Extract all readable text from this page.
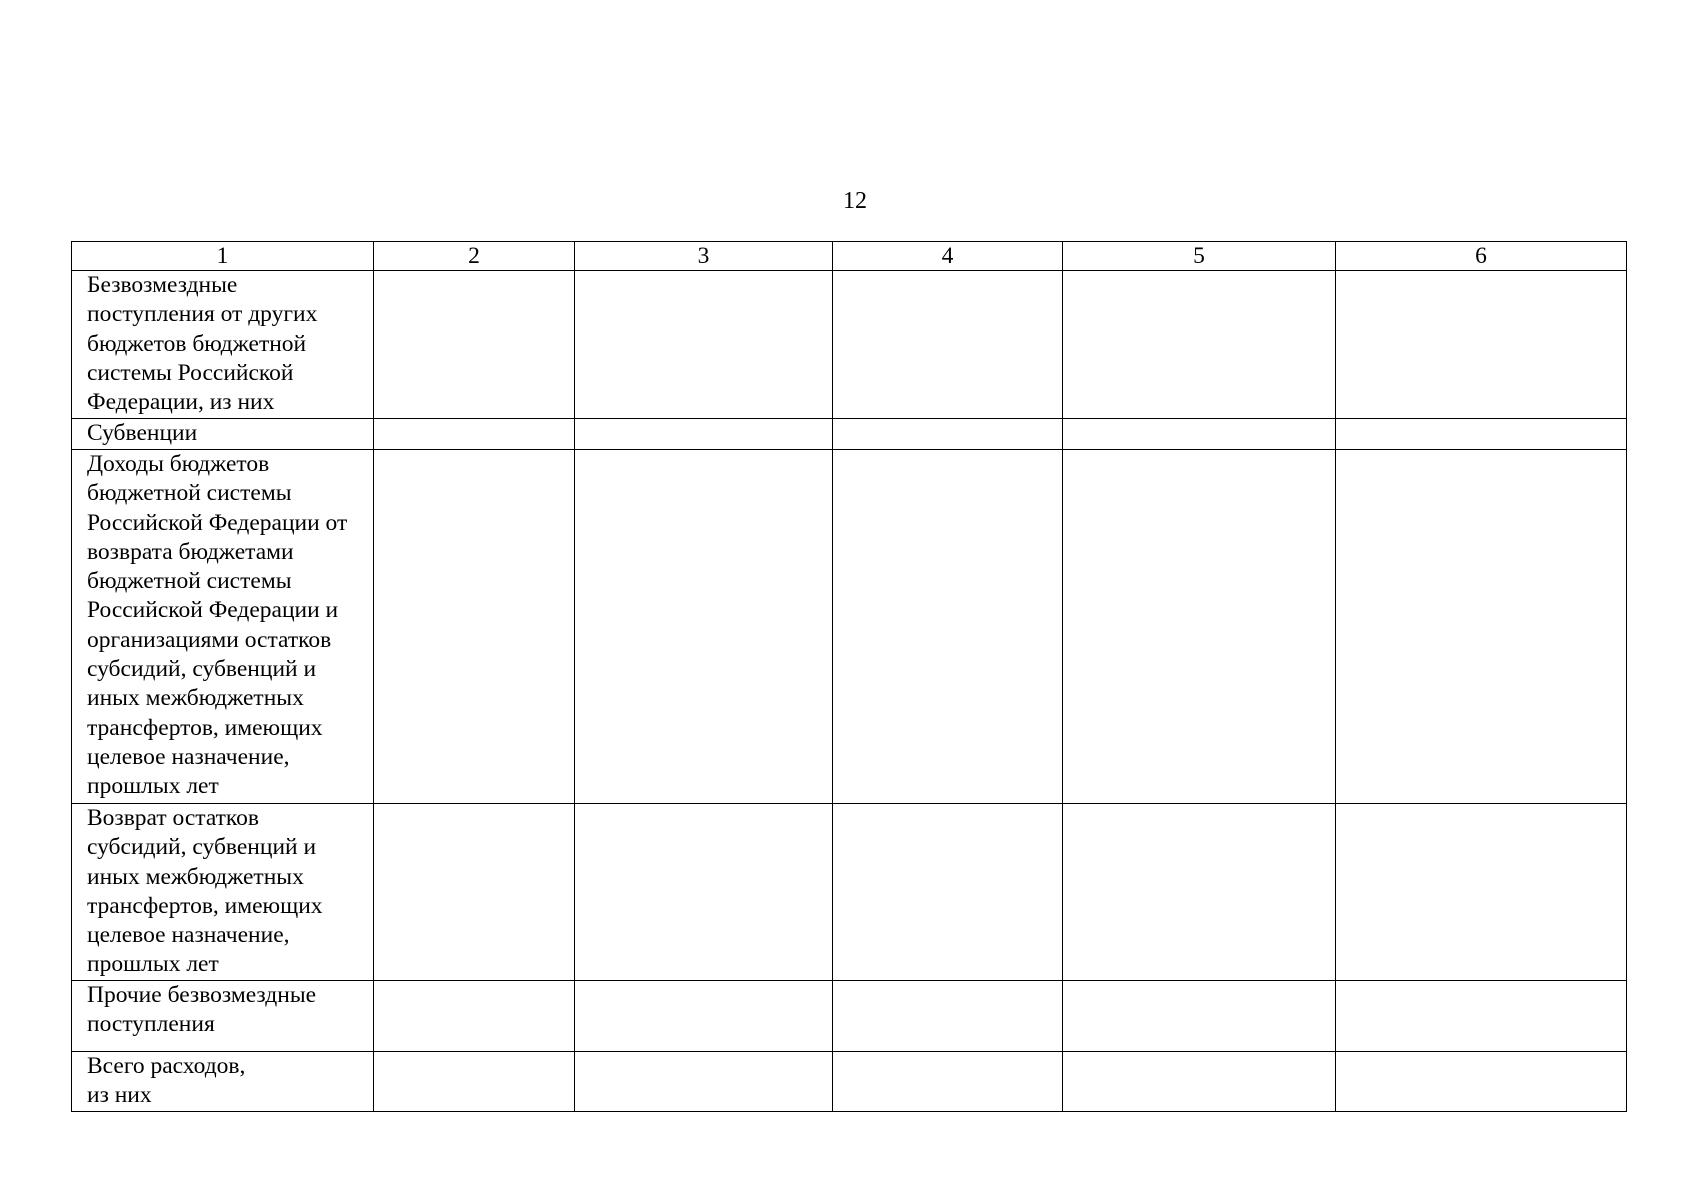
12
1	2	3	4	5	6

Безвозмездные поступления от других бюджетов бюджетной системы Российской Федерации, из них					

Субвенции					

Доходы бюджетов бюджетной системы Российской Федерации от возврата бюджетами бюджетной системы Российской Федерации и организациями остатков субсидий, субвенций и иных межбюджетных трансфертов, имеющих целевое назначение, прошлых лет					

Возврат остатков субсидий, субвенций и иных межбюджетных трансфертов, имеющих целевое назначение, прошлых лет					

Прочие безвозмездные поступления					

Всего расходов, из них					
